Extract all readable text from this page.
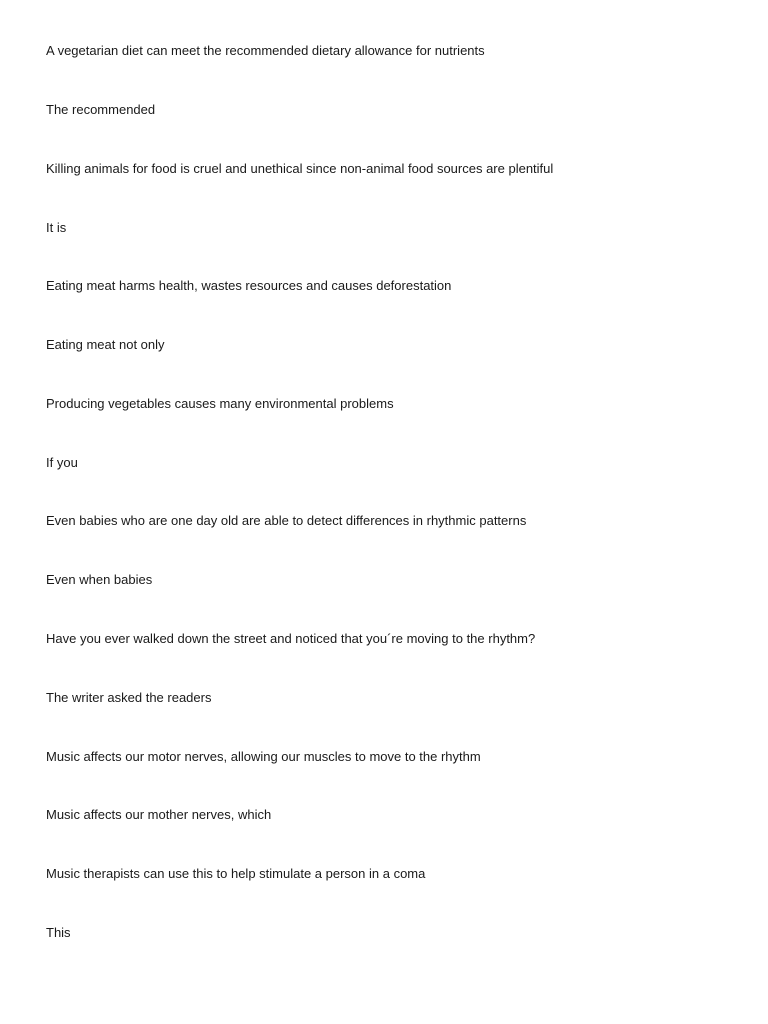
A vegetarian diet can meet the recommended dietary allowance for nutrients
The recommended
Killing animals for food is cruel and unethical since non-animal food sources are plentiful
It is
Eating meat harms health, wastes resources and causes deforestation
Eating meat not only
Producing vegetables causes many environmental problems
If you
Even babies who are one day old are able to detect differences in rhythmic patterns
Even when babies
Have you ever walked down the street and noticed that you´re moving to the rhythm?
The writer asked the readers
Music affects our motor nerves, allowing our muscles to move to the rhythm
Music affects our mother nerves, which
Music therapists can use this to help stimulate a person in a coma
This
